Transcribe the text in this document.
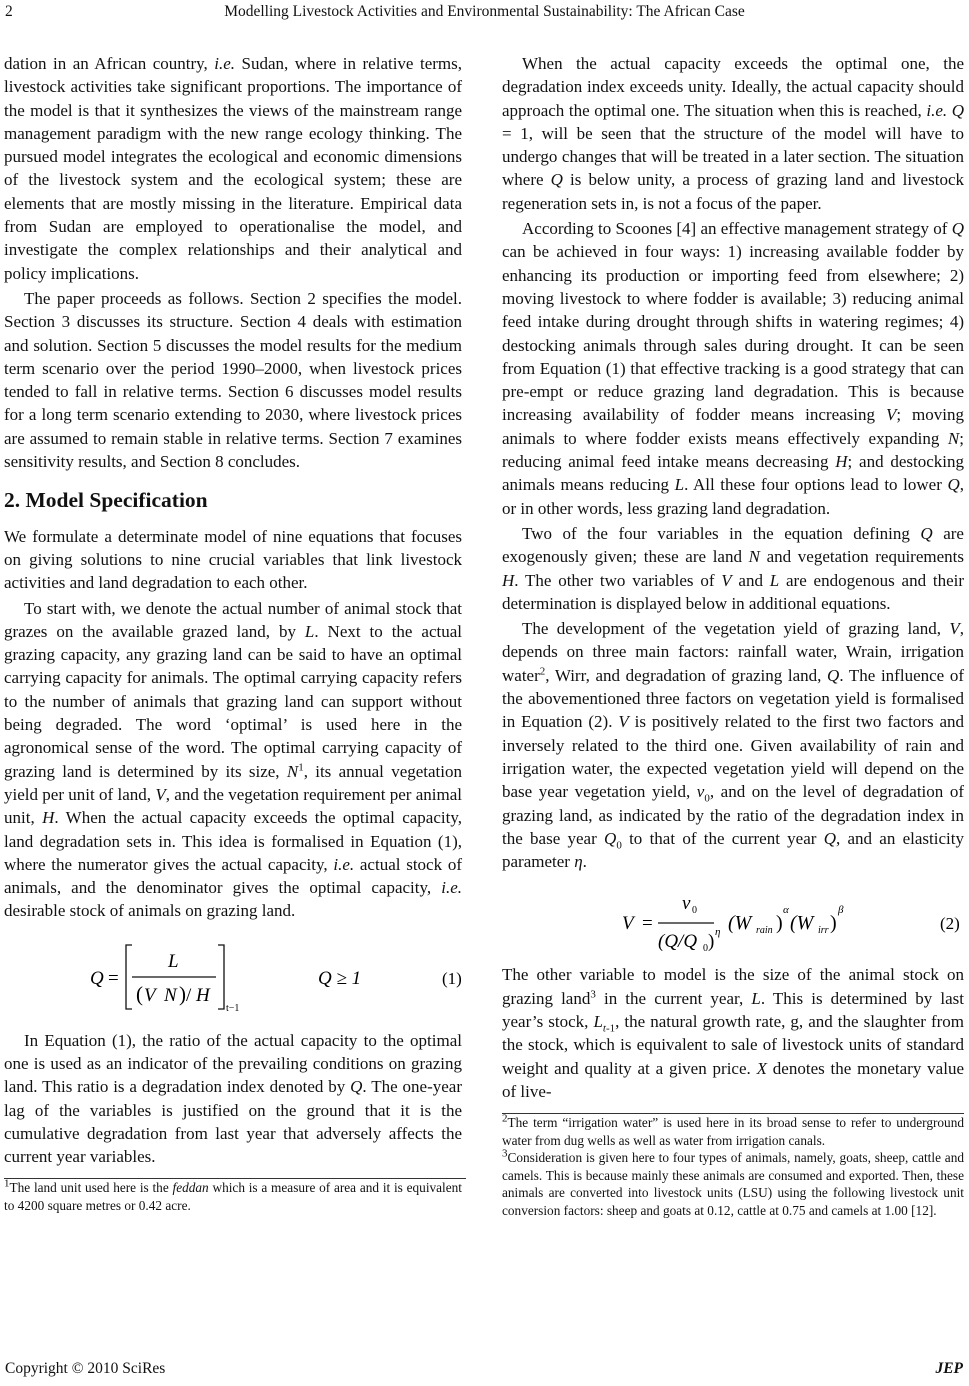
2	Modelling Livestock Activities and Environmental Sustainability: The African Case

dation in an African country, i.e. Sudan, where in relative terms, livestock activities take significant proportions. The importance of the model is that it synthesizes the views of the mainstream range management paradigm with the new range ecology thinking. The pursued model integrates the ecological and economic dimensions of the livestock system and the ecological system; these are elements that are mostly missing in the literature. Empirical data from Sudan are employed to operationalise the model, and investigate the complex relationships and their analytical and policy implications.

The paper proceeds as follows. Section 2 specifies the model. Section 3 discusses its structure. Section 4 deals with estimation and solution. Section 5 discusses the model results for the medium term scenario over the period 1990–2000, when livestock prices tended to fall in relative terms. Section 6 discusses model results for a long term scenario extending to 2030, where livestock prices are assumed to remain stable in relative terms. Section 7 examines sensitivity results, and Section 8 concludes.

2. Model Specification

We formulate a determinate model of nine equations that focuses on giving solutions to nine crucial variables that link livestock activities and land degradation to each other.

To start with, we denote the actual number of animal stock that grazes on the available grazed land, by L. Next to the actual grazing capacity, any grazing land can be said to have an optimal carrying capacity for animals. The optimal carrying capacity refers to the number of animals that grazing land can support without being degraded. The word ‘optimal’ is used here in the agronomical sense of the word. The optimal carrying capacity of grazing land is determined by its size, $N^1$, its annual vegetation yield per unit of land, V, and the vegetation requirement per animal unit, H. When the actual capacity exceeds the optimal capacity, land degradation sets in. This idea is formalised in Equation (1), where the numerator gives the actual capacity, i.e. actual stock of animals, and the denominator gives the optimal capacity, i.e. desirable stock of animals on grazing land.

Q =
L
( V N ) / H
t−1
Q ≥ 1	(1)

In Equation (1), the ratio of the actual capacity to the optimal one is used as an indicator of the prevailing conditions on grazing land. This ratio is a degradation index denoted by Q. The one-year lag of the variables is justified on the ground that it is the cumulative degradation from last year that adversely affects the current year variables.

$^1$The land unit used here is the feddan which is a measure of area and it is equivalent to 4200 square metres or 0.42 acre.

When the actual capacity exceeds the optimal one, the degradation index exceeds unity. Ideally, the actual capacity should approach the optimal one. The situation when this is reached, i.e. Q = 1, will be seen that the structure of the model will have to undergo changes that will be treated in a later section. The situation where Q is below unity, a process of grazing land and livestock regeneration sets in, is not a focus of the paper.

According to Scoones [4] an effective management strategy of Q can be achieved in four ways: 1) increasing available fodder by enhancing its production or importing feed from elsewhere; 2) moving livestock to where fodder is available; 3) reducing animal feed intake during drought through shifts in watering regimes; 4) destocking animals through sales during drought. It can be seen from Equation (1) that effective tracking is a good strategy that can pre-empt or reduce grazing land degradation. This is because increasing availability of fodder means increasing V; moving animals to where fodder exists means effectively expanding N; reducing animal feed intake means decreasing H; and destocking animals means reducing L. All these four options lead to lower Q, or in other words, less grazing land degradation.

Two of the four variables in the equation defining Q are exogenously given; these are land N and vegetation requirements H. The other two variables of V and L are endogenous and their determination is displayed below in additional equations.

The development of the vegetation yield of grazing land, V, depends on three main factors: rainfall water, Wrain, irrigation water$^2$, Wirr, and degradation of grazing land, Q. The influence of the abovementioned three factors on vegetation yield is formalised in Equation (2). V is positively related to the first two factors and inversely related to the third one. Given availability of rain and irrigation water, the expected vegetation yield will depend on the base year vegetation yield, $v_0$, and on the level of degradation of grazing land, as indicated by the ratio of the degradation index in the base year $Q_0$ to that of the current year Q, and an elasticity parameter η.

V =
v 0
(Q/Q 0 ) η (W rain )
α
(W irr )
β
(2)

The other variable to model is the size of the animal stock on grazing land$^3$ in the current year, L. This is determined by last year’s stock, $L_{t-1}$, the natural growth rate, g, and the slaughter from the stock, which is equivalent to sale of livestock units of standard weight and quality at a given price. X denotes the monetary value of live-

$^2$The term “irrigation water” is used here in its broad sense to refer to underground water from dug wells as well as water from irrigation canals.

$^3$Consideration is given here to four types of animals, namely, goats, sheep, cattle and camels. This is because mainly these animals are consumed and exported. Then, these animals are converted into livestock units (LSU) using the following livestock unit conversion factors: sheep and goats at 0.12, cattle at 0.75 and camels at 1.00 [12].

Copyright © 2010 SciRes	JEP
